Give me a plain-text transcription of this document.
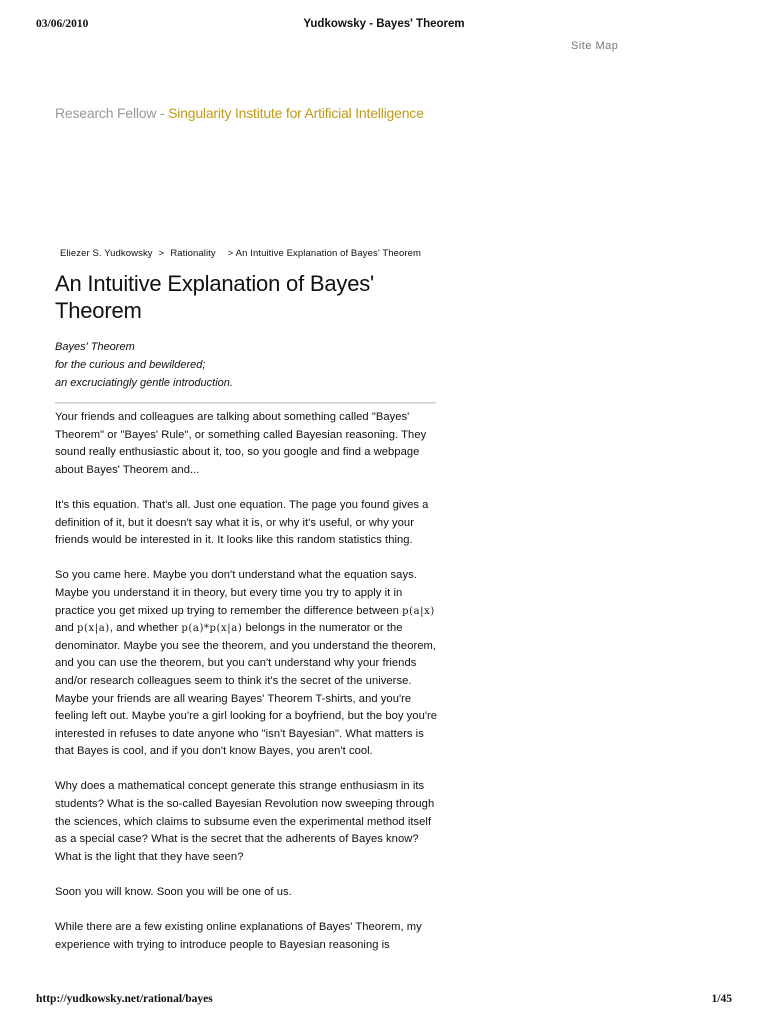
03/06/2010	Yudkowsky - Bayes' Theorem
Site Map
Research Fellow - Singularity Institute for Artificial Intelligence
Eliezer S. Yudkowsky > Rationality > An Intuitive Explanation of Bayes' Theorem
An Intuitive Explanation of Bayes' Theorem
Bayes' Theorem
for the curious and bewildered;
an excruciatingly gentle introduction.

Your friends and colleagues are talking about something called "Bayes' Theorem" or "Bayes' Rule", or something called Bayesian reasoning. They sound really enthusiastic about it, too, so you google and find a webpage about Bayes' Theorem and...

It's this equation. That's all. Just one equation. The page you found gives a definition of it, but it doesn't say what it is, or why it's useful, or why your friends would be interested in it. It looks like this random statistics thing.

So you came here. Maybe you don't understand what the equation says. Maybe you understand it in theory, but every time you try to apply it in practice you get mixed up trying to remember the difference between p(a|x) and p(x|a), and whether p(a)*p(x|a) belongs in the numerator or the denominator. Maybe you see the theorem, and you understand the theorem, and you can use the theorem, but you can't understand why your friends and/or research colleagues seem to think it's the secret of the universe. Maybe your friends are all wearing Bayes' Theorem T-shirts, and you're feeling left out. Maybe you're a girl looking for a boyfriend, but the boy you're interested in refuses to date anyone who "isn't Bayesian". What matters is that Bayes is cool, and if you don't know Bayes, you aren't cool.

Why does a mathematical concept generate this strange enthusiasm in its students? What is the so-called Bayesian Revolution now sweeping through the sciences, which claims to subsume even the experimental method itself as a special case? What is the secret that the adherents of Bayes know? What is the light that they have seen?

Soon you will know. Soon you will be one of us.

While there are a few existing online explanations of Bayes' Theorem, my experience with trying to introduce people to Bayesian reasoning is

http://yudkowsky.net/rational/bayes	1/45
